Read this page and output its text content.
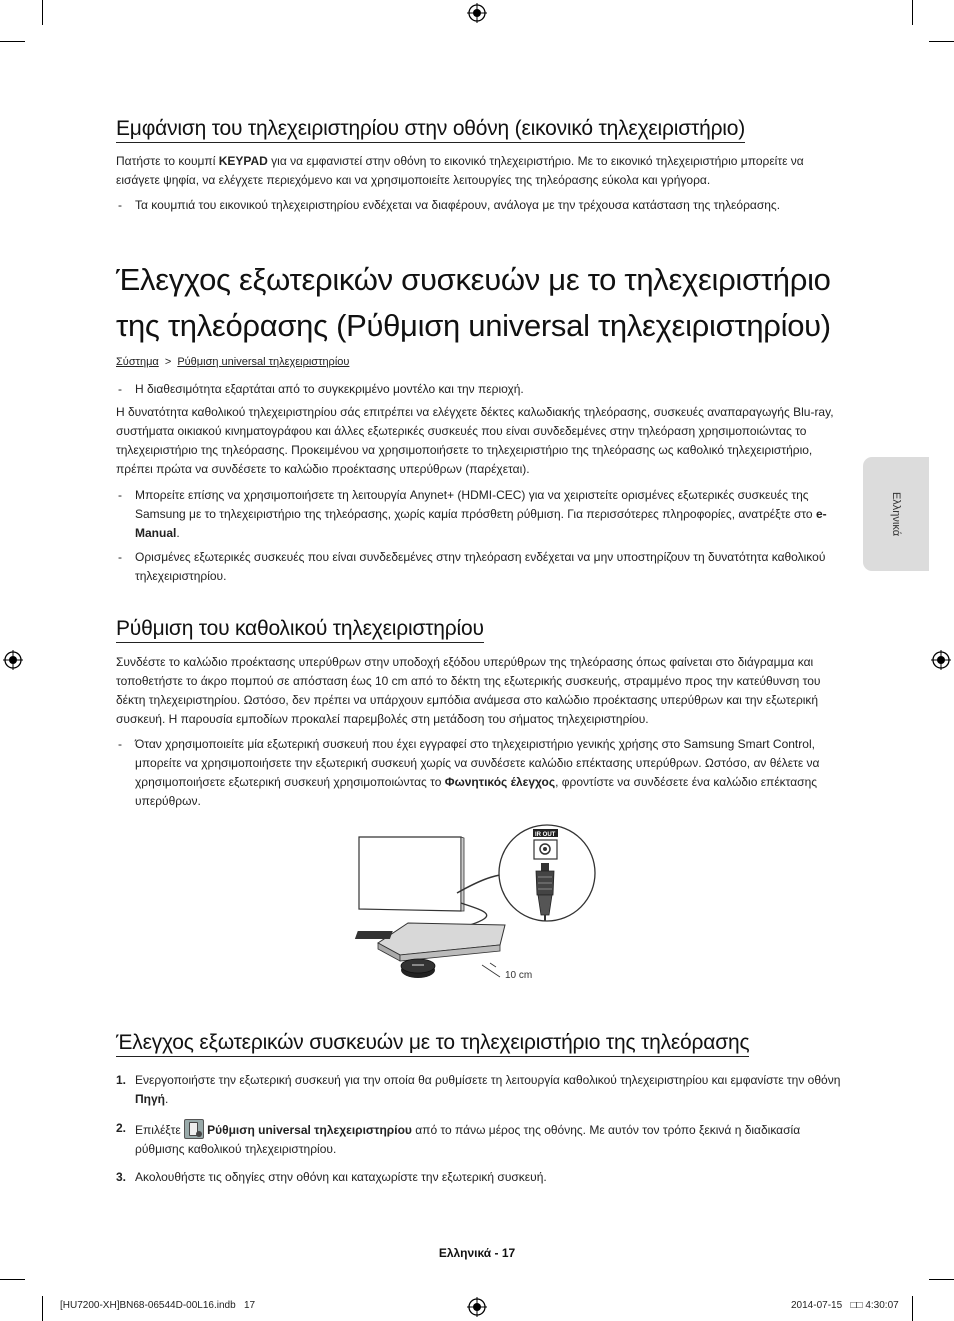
Εμφάνιση του τηλεχειριστηρίου στην οθόνη (εικονικό τηλεχειριστήριο)
Πατήστε το κουμπί KEYPAD για να εμφανιστεί στην οθόνη το εικονικό τηλεχειριστήριο. Με το εικονικό τηλεχειριστήριο μπορείτε να εισάγετε ψηφία, να ελέγχετε περιεχόμενο και να χρησιμοποιείτε λειτουργίες της τηλεόρασης εύκολα και γρήγορα.
- Τα κουμπιά του εικονικού τηλεχειριστηρίου ενδέχεται να διαφέρουν, ανάλογα με την τρέχουσα κατάσταση της τηλεόρασης.
Έλεγχος εξωτερικών συσκευών με το τηλεχειριστήριο
της τηλεόρασης (Ρύθμιση universal τηλεχειριστηρίου)
Σύστημα > Ρύθμιση universal τηλεχειριστηρίου
- Η διαθεσιμότητα εξαρτάται από το συγκεκριμένο μοντέλο και την περιοχή.
Η δυνατότητα καθολικού τηλεχειριστηρίου σάς επιτρέπει να ελέγχετε δέκτες καλωδιακής τηλεόρασης, συσκευές αναπαραγωγής Blu-ray, συστήματα οικιακού κινηματογράφου και άλλες εξωτερικές συσκευές που είναι συνδεδεμένες στην τηλεόραση χρησιμοποιώντας το τηλεχειριστήριο της τηλεόρασης. Προκειμένου να χρησιμοποιήσετε το τηλεχειριστήριο της τηλεόρασης ως καθολικό τηλεχειριστήριο, πρέπει πρώτα να συνδέσετε το καλώδιο προέκτασης υπερύθρων (παρέχεται).
- Μπορείτε επίσης να χρησιμοποιήσετε τη λειτουργία Anynet+ (HDMI-CEC) για να χειριστείτε ορισμένες εξωτερικές συσκευές της Samsung με το τηλεχειριστήριο της τηλεόρασης, χωρίς καμία πρόσθετη ρύθμιση. Για περισσότερες πληροφορίες, ανατρέξτε στο e-Manual.
- Ορισμένες εξωτερικές συσκευές που είναι συνδεδεμένες στην τηλεόραση ενδέχεται να μην υποστηρίζουν τη δυνατότητα καθολικού τηλεχειριστηρίου.
Ρύθμιση του καθολικού τηλεχειριστηρίου
Συνδέστε το καλώδιο προέκτασης υπερύθρων στην υποδοχή εξόδου υπερύθρων της τηλεόρασης όπως φαίνεται στο διάγραμμα και τοποθετήστε το άκρο πομπού σε απόσταση έως 10 cm από το δέκτη της εξωτερικής συσκευής, στραμμένο προς την κατεύθυνση του δέκτη τηλεχειριστηρίου. Ωστόσο, δεν πρέπει να υπάρχουν εμπόδια ανάμεσα στο καλώδιο προέκτασης υπερύθρων και την εξωτερική συσκευή. Η παρουσία εμποδίων προκαλεί παρεμβολές στη μετάδοση του σήματος τηλεχειριστηρίου.
- Όταν χρησιμοποιείτε μία εξωτερική συσκευή που έχει εγγραφεί στο τηλεχειριστήριο γενικής χρήσης στο Samsung Smart Control, μπορείτε να χρησιμοποιήσετε την εξωτερική συσκευή χωρίς να συνδέσετε καλώδιο επέκτασης υπερύθρων. Ωστόσο, αν θέλετε να χρησιμοποιήσετε εξωτερική συσκευή χρησιμοποιώντας το Φωνητικός έλεγχος, φροντίστε να συνδέσετε ένα καλώδιο επέκτασης υπερύθρων.
10 cm
IR OUT
Έλεγχος εξωτερικών συσκευών με το τηλεχειριστήριο της τηλεόρασης
1. Ενεργοποιήστε την εξωτερική συσκευή για την οποία θα ρυθμίσετε τη λειτουργία καθολικού τηλεχειριστηρίου και εμφανίστε την οθόνη Πηγή.
2. Επιλέξτε
Ρύθμιση universal τηλεχειριστηρίου από το πάνω μέρος της οθόνης. Με αυτόν τον τρόπο ξεκινά η διαδικασία ρύθμισης καθολικού τηλεχειριστηρίου.
3. Ακολουθήστε τις οδηγίες στην οθόνη και καταχωρίστε την εξωτερική συσκευή.
Ελληνικά
Ελληνικά - 17
[HU7200-XH]BN68-06544D-00L16.indb   17	2014-07-15   □□ 4:30:07
